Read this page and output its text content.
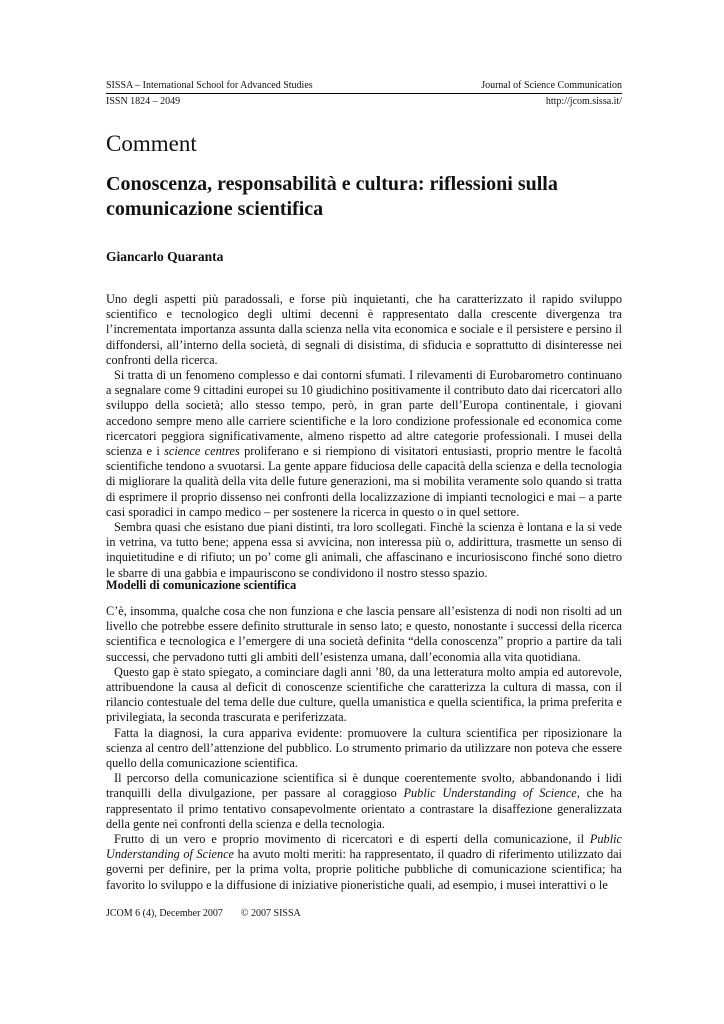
SISSA – International School for Advanced Studies	Journal of Science Communication
ISSN 1824 – 2049	http://jcom.sissa.it/
Comment
Conoscenza, responsabilità e cultura: riflessioni sulla comunicazione scientifica
Giancarlo Quaranta

Uno degli aspetti più paradossali, e forse più inquietanti, che ha caratterizzato il rapido sviluppo scientifico e tecnologico degli ultimi decenni è rappresentato dalla crescente divergenza tra l’incrementata importanza assunta dalla scienza nella vita economica e sociale e il persistere e persino il diffondersi, all’interno della società, di segnali di disistima, di sfiducia e soprattutto di disinteresse nei confronti della ricerca.

Si tratta di un fenomeno complesso e dai contorni sfumati. I rilevamenti di Eurobarometro continuano a segnalare come 9 cittadini europei su 10 giudichino positivamente il contributo dato dai ricercatori allo sviluppo della società; allo stesso tempo, però, in gran parte dell’Europa continentale, i giovani accedono sempre meno alle carriere scientifiche e la loro condizione professionale ed economica come ricercatori peggiora significativamente, almeno rispetto ad altre categorie professionali. I musei della scienza e i science centres proliferano e si riempiono di visitatori entusiasti, proprio mentre le facoltà scientifiche tendono a svuotarsi. La gente appare fiduciosa delle capacità della scienza e della tecnologia di migliorare la qualità della vita delle future generazioni, ma si mobilita veramente solo quando si tratta di esprimere il proprio dissenso nei confronti della localizzazione di impianti tecnologici e mai – a parte casi sporadici in campo medico – per sostenere la ricerca in questo o in quel settore.

Sembra quasi che esistano due piani distinti, tra loro scollegati. Finchè la scienza è lontana e la si vede in vetrina, va tutto bene; appena essa si avvicina, non interessa più o, addirittura, trasmette un senso di inquietitudine e di rifiuto; un po’ come gli animali, che affascinano e incuriosiscono finché sono dietro le sbarre di una gabbia e impauriscono se condividono il nostro stesso spazio.

Modelli di comunicazione scientifica

C’è, insomma, qualche cosa che non funziona e che lascia pensare all’esistenza di nodi non risolti ad un livello che potrebbe essere definito strutturale in senso lato; e questo, nonostante i successi della ricerca scientifica e tecnologica e l’emergere di una società definita “della conoscenza” proprio a partire da tali successi, che pervadono tutti gli ambiti dell’esistenza umana, dall’economia alla vita quotidiana.

Questo gap è stato spiegato, a cominciare dagli anni ’80, da una letteratura molto ampia ed autorevole, attribuendone la causa al deficit di conoscenze scientifiche che caratterizza la cultura di massa, con il rilancio contestuale del tema delle due culture, quella umanistica e quella scientifica, la prima preferita e privilegiata, la seconda trascurata e periferizzata.

Fatta la diagnosi, la cura appariva evidente: promuovere la cultura scientifica per riposizionare la scienza al centro dell’attenzione del pubblico. Lo strumento primario da utilizzare non poteva che essere quello della comunicazione scientifica.

Il percorso della comunicazione scientifica si è dunque coerentemente svolto, abbandonando i lidi tranquilli della divulgazione, per passare al coraggioso Public Understanding of Science, che ha rappresentato il primo tentativo consapevolmente orientato a contrastare la disaffezione generalizzata della gente nei confronti della scienza e della tecnologia.

Frutto di un vero e proprio movimento di ricercatori e di esperti della comunicazione, il Public Understanding of Science ha avuto molti meriti: ha rappresentato, il quadro di riferimento utilizzato dai governi per definire, per la prima volta, proprie politiche pubbliche di comunicazione scientifica; ha favorito lo sviluppo e la diffusione di iniziative pioneristiche quali, ad esempio, i musei interattivi o le

JCOM 6 (4), December 2007 © 2007 SISSA
